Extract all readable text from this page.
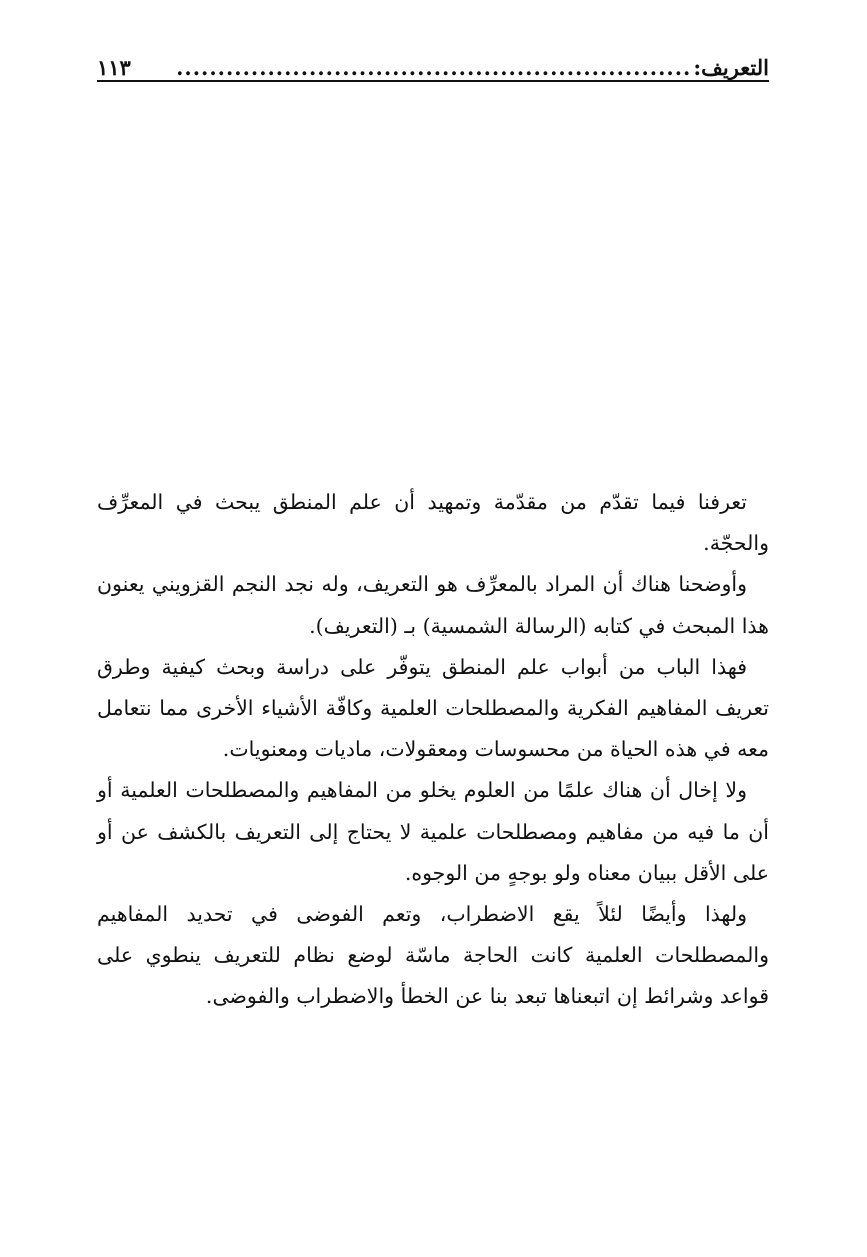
التعريف:
..............................................................
١١٣

تعرفنا فيما تقدّم من مقدّمة وتمهيد أن علم المنطق يبحث في المعرِّف والحجّة.

وأوضحنا هناك أن المراد بالمعرِّف هو التعريف، وله نجد النجم القزويني يعنون هذا المبحث في كتابه (الرسالة الشمسية) بـ (التعريف).

فهذا الباب من أبواب علم المنطق يتوفّر على دراسة وبحث كيفية وطرق تعريف المفاهيم الفكرية والمصطلحات العلمية وكافّة الأشياء الأخرى مما نتعامل معه في هذه الحياة من محسوسات ومعقولات، ماديات ومعنويات.

ولا إخال أن هناك علمًا من العلوم يخلو من المفاهيم والمصطلحات العلمية أو أن ما فيه من مفاهيم ومصطلحات علمية لا يحتاج إلى التعريف بالكشف عن أو على الأقل ببيان معناه ولو بوجهٍ من الوجوه.

ولهذا وأيضًا لئلاً يقع الاضطراب، وتعم الفوضى في تحديد المفاهيم والمصطلحات العلمية كانت الحاجة ماسّة لوضع نظام للتعريف ينطوي على قواعد وشرائط إن اتبعناها تبعد بنا عن الخطأ والاضطراب والفوضى.
